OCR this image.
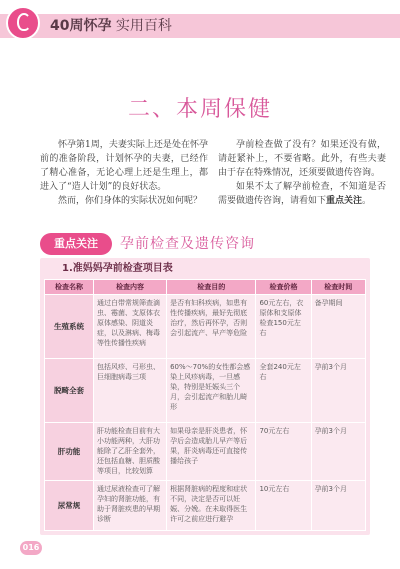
40周怀孕 实用百科
二、本周保健

怀孕第1周，夫妻实际上还是处在怀孕前的准备阶段，计划怀孕的夫妻，已经作了精心准备，无论心理上还是生理上，都进入了“造人计划”的良好状态。

然而，你们身体的实际状况如何呢？

孕前检查做了没有？如果还没有做，请赶紧补上，不要省略。此外，有些夫妻由于存在特殊情况，还须要做遗传咨询。

如果不太了解孕前检查，不知道是否需要做遗传咨询，请看如下重点关注。

重点关注	孕前检查及遗传咨询
1.准妈妈孕前检查项目表
检查名称	检查内容	检查目的	检查价格	检查时间
生殖系统	通过白带常规筛查滴虫、霉菌、支原体衣原体感染、阴道炎症，以及淋病、梅毒等性传播性疾病	是否有妇科疾病，如患有性传播疾病，最好先彻底治疗，然后再怀孕，否则会引起流产、早产等危险	60元左右，衣原体和支原体检查150元左右	备孕期间
脱畸全套	包括风疹、弓形虫、巨细胞病毒三项	60%～70%的女性都会感染上风疹病毒，一旦感染，特别是妊娠头三个月，会引起流产和胎儿畸形	全套240元左右	孕前3个月
肝功能	肝功能检查目前有大小功能两种，大肝功能除了乙肝全套外，还包括血糖、胆质酸等项目，比较划算	如果母亲是肝炎患者，怀孕后会造成胎儿早产等后果，肝炎病毒还可直接传播给孩子	70元左右	孕前3个月
尿常规	通过尿液检查可了解孕妇的肾脏功能，有助于肾脏疾患的早期诊断	根据肾脏病的程度和症状不同，决定是否可以妊娠、分娩。在未取得医生许可之前应进行避孕	10元左右	孕前3个月
016
